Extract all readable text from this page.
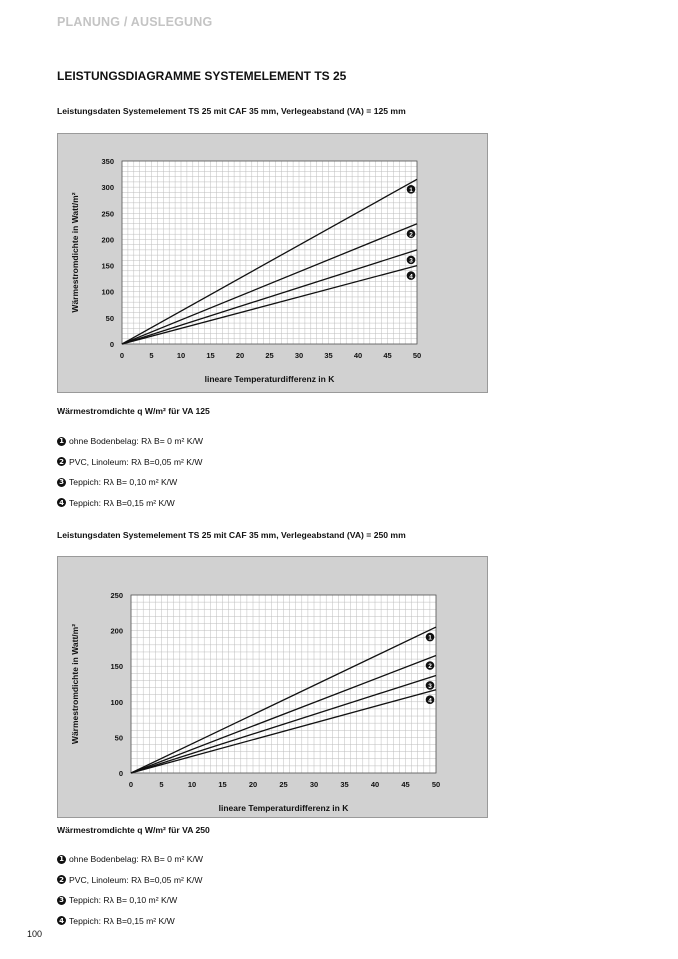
PLANUNG / AUSLEGUNG
LEISTUNGSDIAGRAMME SYSTEMELEMENT TS 25
Leistungsdaten Systemelement TS 25 mit CAF 35 mm, Verlegeabstand (VA) = 125 mm
0
50
100
150
200
250
300
350
0	5	10	15	20	25	30	35	40	45	50
lineare Temperaturdifferenz in K
Wärmestromdichte in Watt/m²
1
2
3
4
Wärmestromdichte q W/m² für VA 125
1 ohne Bodenbelag: Rλ B= 0 m² K/W
2 PVC, Linoleum: Rλ B=0,05 m² K/W
3 Teppich: Rλ B= 0,10 m² K/W
4 Teppich: Rλ B=0,15 m² K/W
Leistungsdaten Systemelement TS 25 mit CAF 35 mm, Verlegeabstand (VA) = 250 mm
0
50
100
150
200
250
0	5	10	15	20	25	30	35	40	45	50
lineare Temperaturdifferenz in K
Wärmestromdichte in Watt/m²	1
2
3
4
Wärmestromdichte q W/m² für VA 250
1 ohne Bodenbelag: Rλ B= 0 m² K/W
2 PVC, Linoleum: Rλ B=0,05 m² K/W
3 Teppich: Rλ B= 0,10 m² K/W
4 Teppich: Rλ B=0,15 m² K/W
100
